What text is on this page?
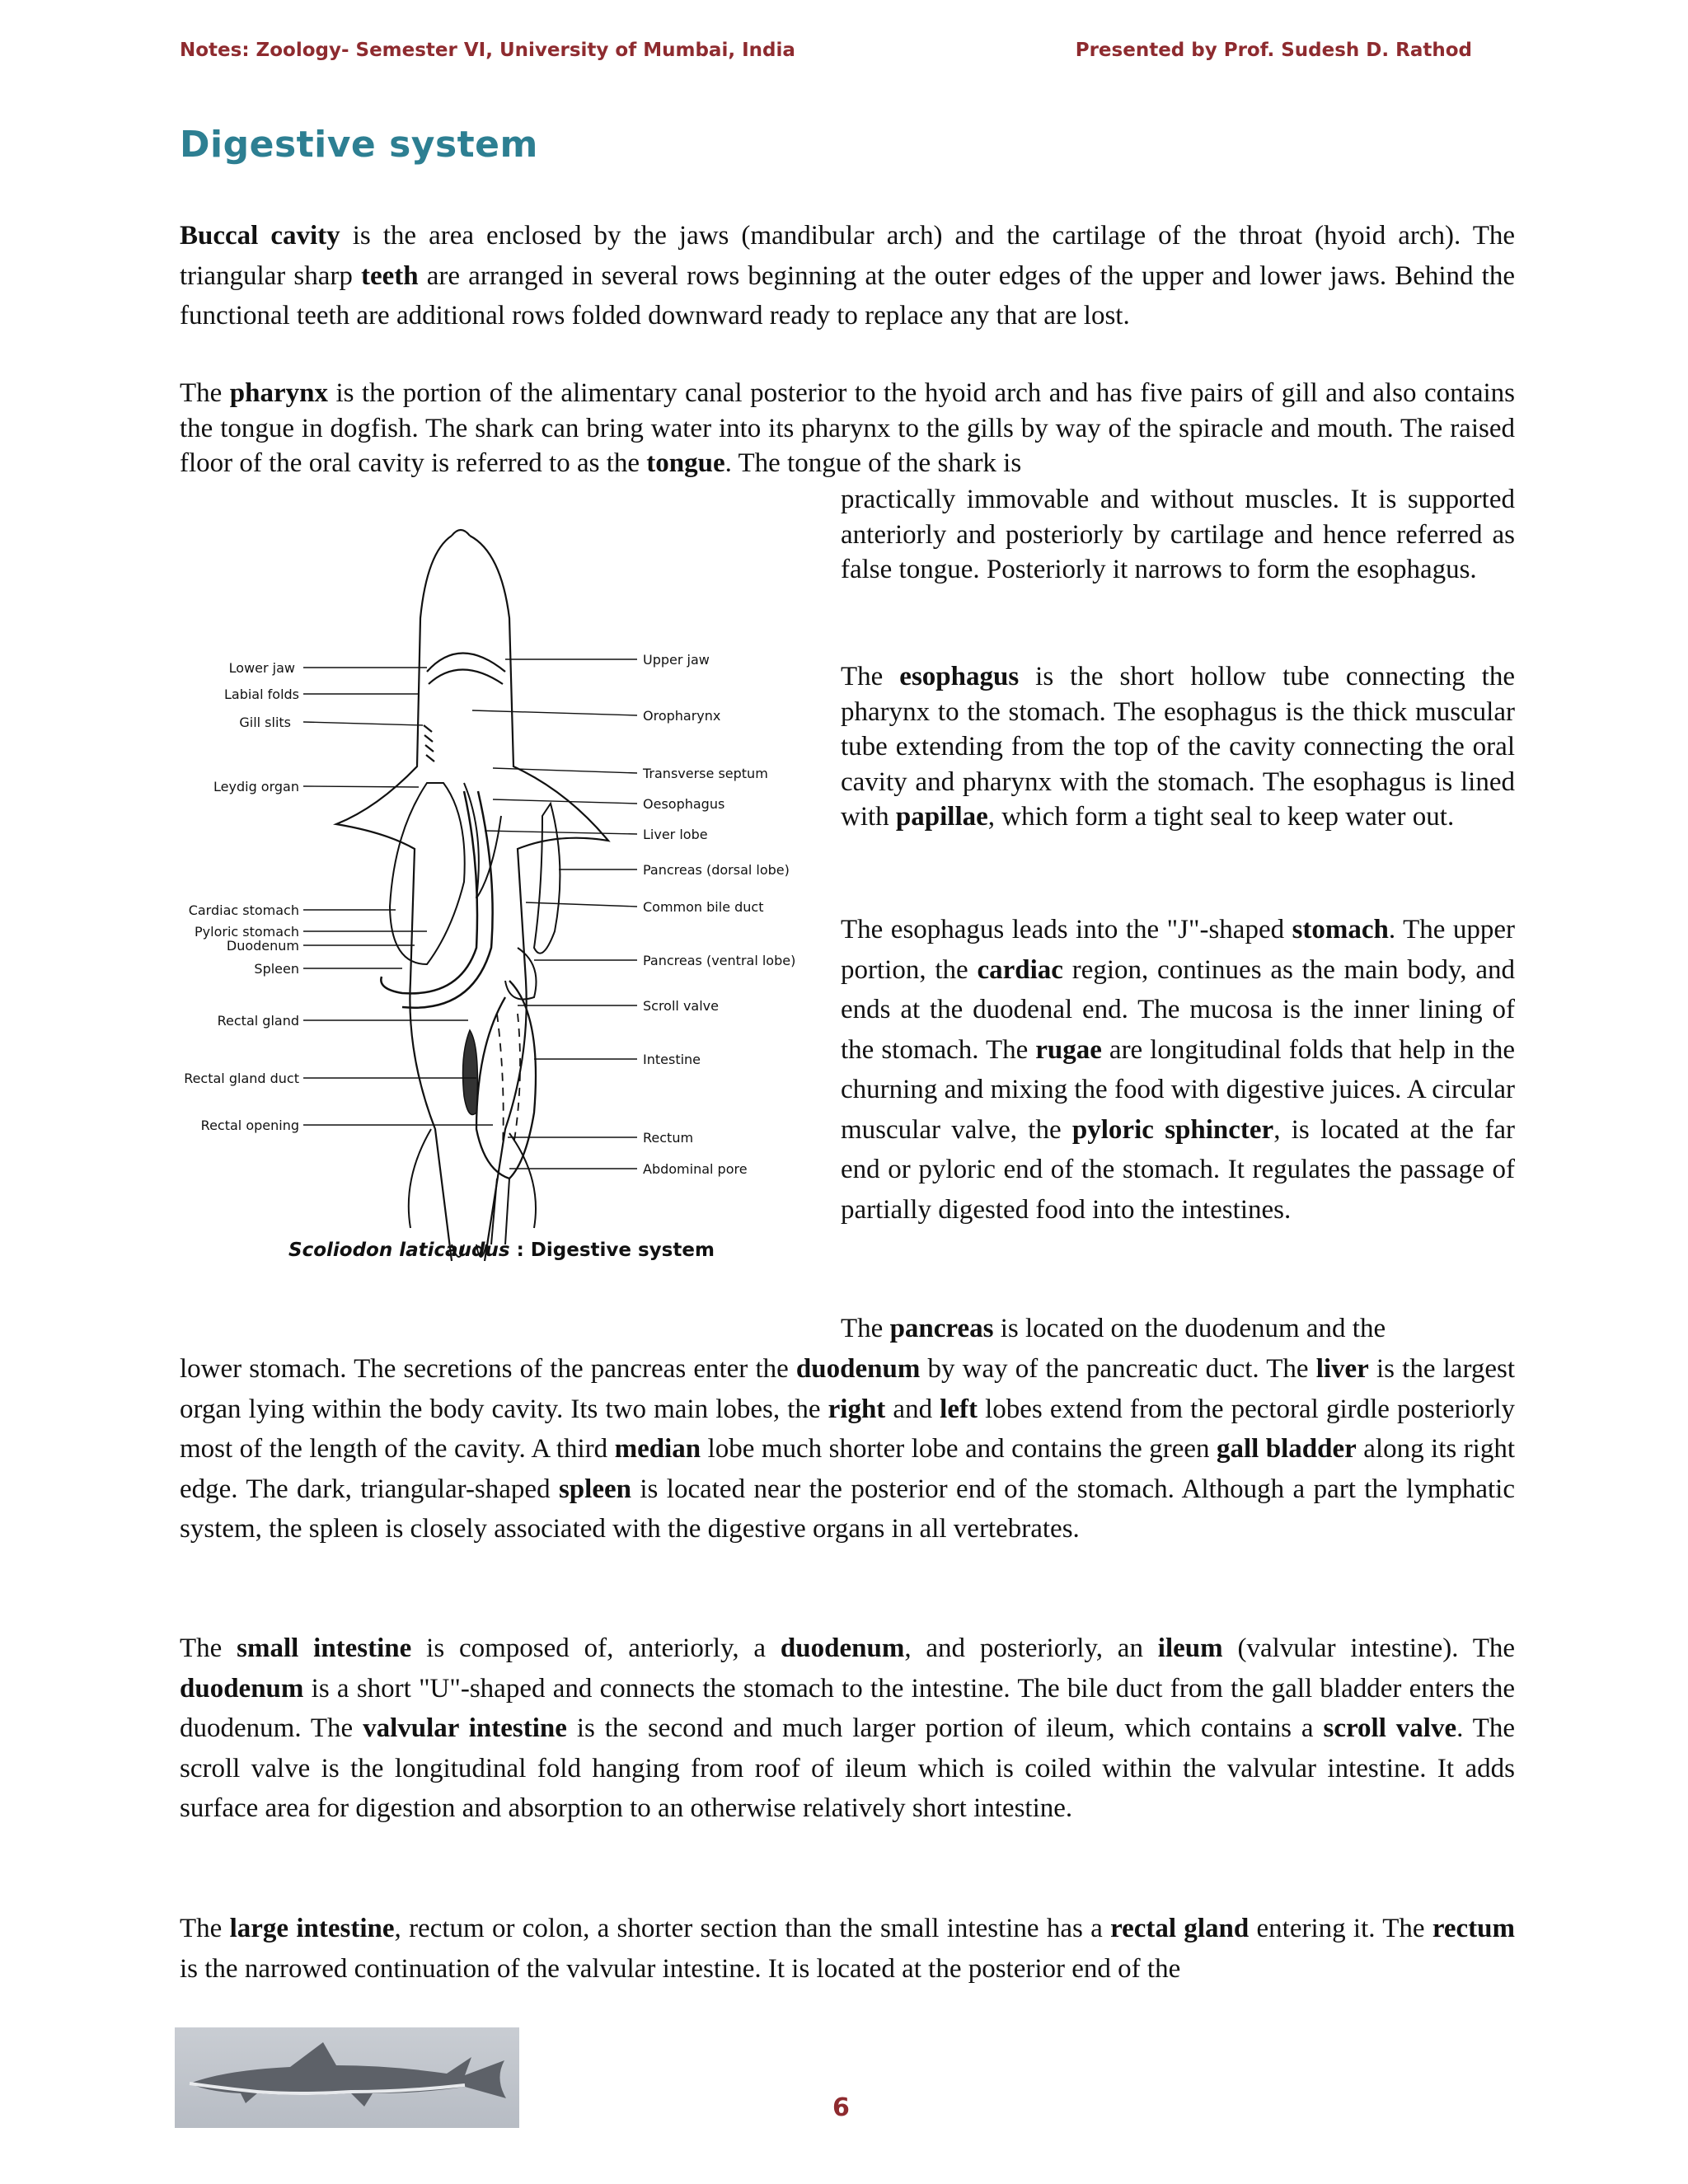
Notes: Zoology- Semester VI, University of Mumbai, India	Presented by Prof. Sudesh D. Rathod
Digestive system
Buccal cavity is the area enclosed by the jaws (mandibular arch) and the cartilage of the throat (hyoid arch). The triangular sharp teeth are arranged in several rows beginning at the outer edges of the upper and lower jaws. Behind the functional teeth are additional rows folded downward ready to replace any that are lost.
The pharynx is the portion of the alimentary canal posterior to the hyoid arch and has five pairs of gill and also contains the tongue in dogfish. The shark can bring water into its pharynx to the gills by way of the spiracle and mouth. The raised floor of the oral cavity is referred to as the tongue. The tongue of the shark is
practically immovable and without muscles. It is supported anteriorly and posteriorly by cartilage and hence referred as false tongue. Posteriorly it narrows to form the esophagus.
The esophagus is the short hollow tube connecting the pharynx to the stomach. The esophagus is the thick muscular tube extending from the top of the cavity connecting the oral cavity and pharynx with the stomach. The esophagus is lined with papillae, which form a tight seal to keep water out.
The esophagus leads into the "J"-shaped stomach. The upper portion, the cardiac region, continues as the main body, and ends at the duodenal end. The mucosa is the inner lining of the stomach. The rugae are longitudinal folds that help in the churning and mixing the food with digestive juices. A circular muscular valve, the pyloric sphincter, is located at the far end or pyloric end of the stomach. It regulates the passage of partially digested food into the intestines.
The pancreas is located on the duodenum and the
lower stomach. The secretions of the pancreas enter the duodenum by way of the pancreatic duct. The liver is the largest organ lying within the body cavity. Its two main lobes, the right and left lobes extend from the pectoral girdle posteriorly most of the length of the cavity. A third median lobe much shorter lobe and contains the green gall bladder along its right edge. The dark, triangular-shaped spleen is located near the posterior end of the stomach. Although a part the lymphatic system, the spleen is closely associated with the digestive organs in all vertebrates.
The small intestine is composed of, anteriorly, a duodenum, and posteriorly, an ileum (valvular intestine). The duodenum is a short "U"-shaped and connects the stomach to the intestine. The bile duct from the gall bladder enters the duodenum. The valvular intestine is the second and much larger portion of ileum, which contains a scroll valve. The scroll valve is the longitudinal fold hanging from roof of ileum which is coiled within the valvular intestine. It adds surface area for digestion and absorption to an otherwise relatively short intestine.
The large intestine, rectum or colon, a shorter section than the small intestine has a rectal gland entering it. The rectum is the narrowed continuation of the valvular intestine. It is located at the posterior end of the
Lower jaw
Labial folds
Gill slits
Leydig organ
Cardiac stomach
Pyloric stomach
Duodenum
Spleen
Rectal gland
Rectal gland duct
Rectal opening
Upper jaw
Oropharynx
Transverse septum
Oesophagus
Liver lobe
Pancreas (dorsal lobe)
Common bile duct
Pancreas (ventral lobe)
Scroll valve
Intestine
Rectum
Abdominal pore
Scoliodon laticaudus : Digestive system
6
